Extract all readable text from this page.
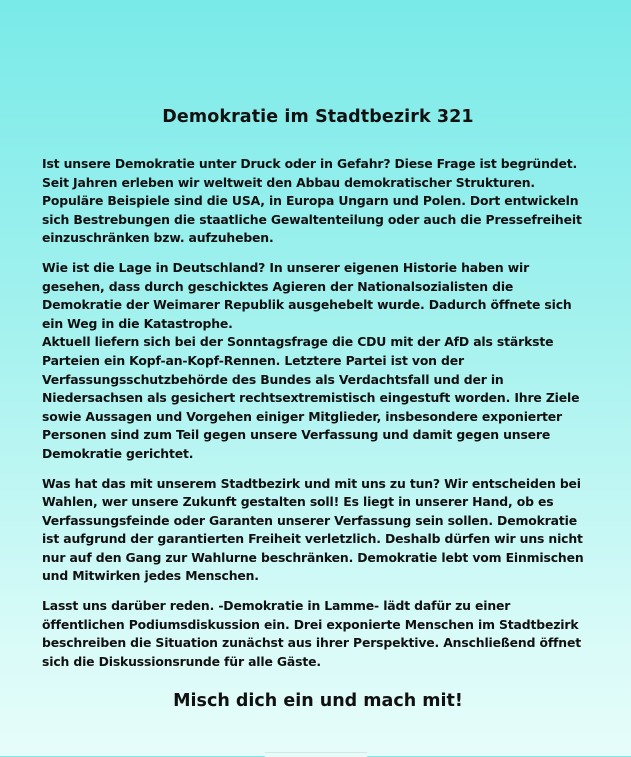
Demokratie im Stadtbezirk 321

Ist unsere Demokratie unter Druck oder in Gefahr? Diese Frage ist begründet. Seit Jahren erleben wir weltweit den Abbau demokratischer Strukturen. Populäre Beispiele sind die USA, in Europa Ungarn und Polen. Dort entwickeln sich Bestrebungen die staatliche Gewaltenteilung oder auch die Pressefreiheit einzuschränken bzw. aufzuheben.

Wie ist die Lage in Deutschland? In unserer eigenen Historie haben wir gesehen, dass durch geschicktes Agieren der Nationalsozialisten die Demokratie der Weimarer Republik ausgehebelt wurde. Dadurch öffnete sich ein Weg in die Katastrophe.
Aktuell liefern sich bei der Sonntagsfrage die CDU mit der AfD als stärkste Parteien ein Kopf-an-Kopf-Rennen. Letztere Partei ist von der Verfassungsschutzbehörde des Bundes als Verdachtsfall und der in Niedersachsen als gesichert rechtsextremistisch eingestuft worden. Ihre Ziele sowie Aussagen und Vorgehen einiger Mitglieder, insbesondere exponierter Personen sind zum Teil gegen unsere Verfassung und damit gegen unsere Demokratie gerichtet.

Was hat das mit unserem Stadtbezirk und mit uns zu tun? Wir entscheiden bei Wahlen, wer unsere Zukunft gestalten soll! Es liegt in unserer Hand, ob es Verfassungsfeinde oder Garanten unserer Verfassung sein sollen. Demokratie ist aufgrund der garantierten Freiheit verletzlich. Deshalb dürfen wir uns nicht nur auf den Gang zur Wahlurne beschränken. Demokratie lebt vom Einmischen und Mitwirken jedes Menschen.

Lasst uns darüber reden. -Demokratie in Lamme- lädt dafür zu einer öffentlichen Podiumsdiskussion ein. Drei exponierte Menschen im Stadtbezirk beschreiben die Situation zunächst aus ihrer Perspektive. Anschließend öffnet sich die Diskussionsrunde für alle Gäste.

Misch dich ein und mach mit!
